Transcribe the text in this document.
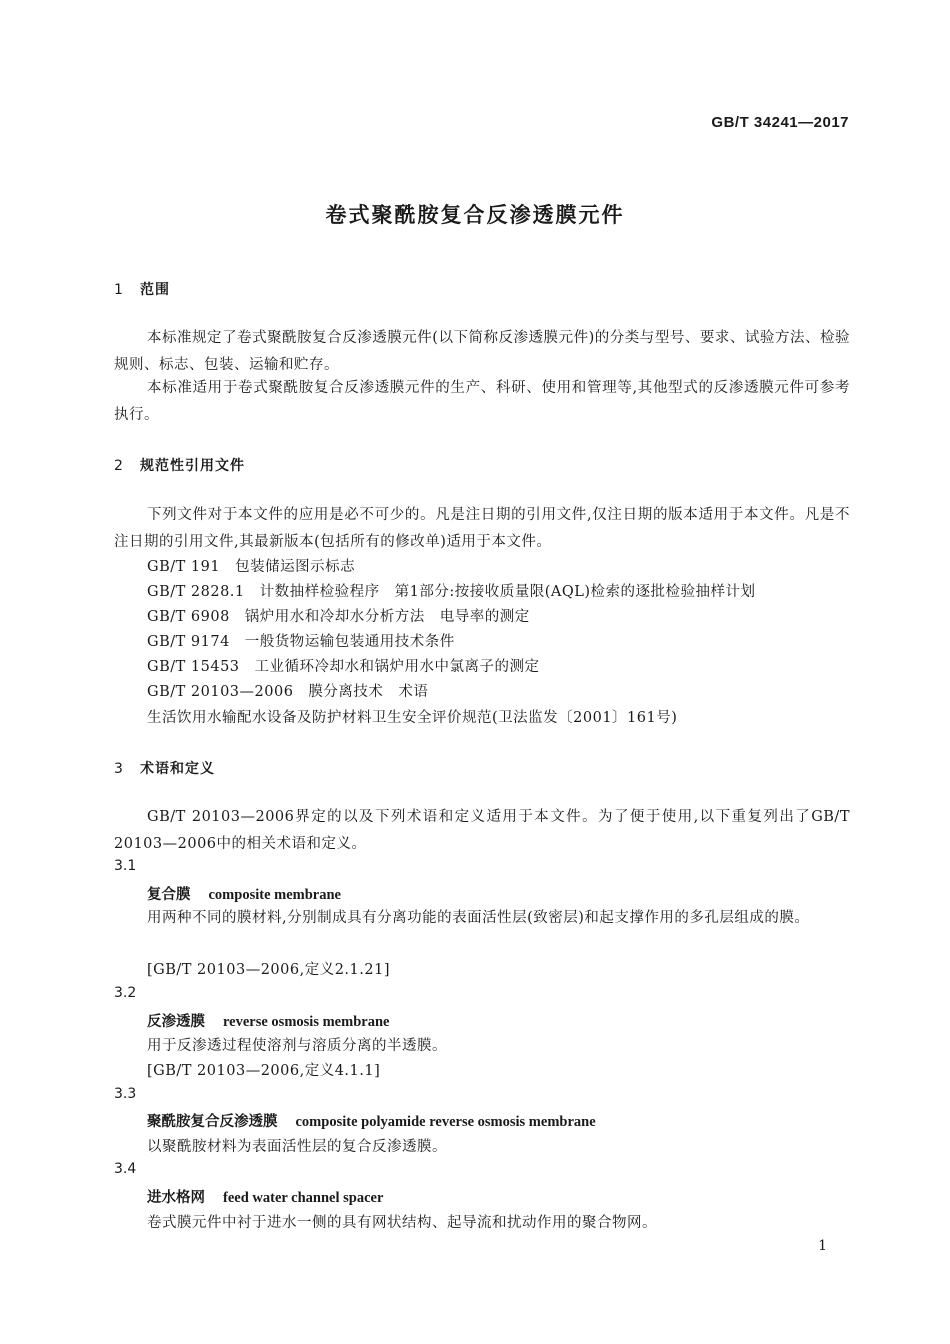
GB/T 34241—2017
卷式聚酰胺复合反渗透膜元件
1 范围
本标准规定了卷式聚酰胺复合反渗透膜元件(以下简称反渗透膜元件)的分类与型号、要求、试验方法、检验规则、标志、包装、运输和贮存。
本标准适用于卷式聚酰胺复合反渗透膜元件的生产、科研、使用和管理等,其他型式的反渗透膜元件可参考执行。
2 规范性引用文件
下列文件对于本文件的应用是必不可少的。凡是注日期的引用文件,仅注日期的版本适用于本文件。凡是不注日期的引用文件,其最新版本(包括所有的修改单)适用于本文件。
GB/T 191　包装储运图示标志
GB/T 2828.1　计数抽样检验程序　第1部分:按接收质量限(AQL)检索的逐批检验抽样计划
GB/T 6908　锅炉用水和冷却水分析方法　电导率的测定
GB/T 9174　一般货物运输包装通用技术条件
GB/T 15453　工业循环冷却水和锅炉用水中氯离子的测定
GB/T 20103—2006　膜分离技术　术语
生活饮用水输配水设备及防护材料卫生安全评价规范(卫法监发〔2001〕161号)
3 术语和定义
GB/T 20103—2006界定的以及下列术语和定义适用于本文件。为了便于使用,以下重复列出了GB/T 20103—2006中的相关术语和定义。
3.1
复合膜 composite membrane
用两种不同的膜材料,分别制成具有分离功能的表面活性层(致密层)和起支撑作用的多孔层组成的膜。
[GB/T 20103—2006,定义2.1.21]
3.2
反渗透膜 reverse osmosis membrane
用于反渗透过程使溶剂与溶质分离的半透膜。
[GB/T 20103—2006,定义4.1.1]
3.3
聚酰胺复合反渗透膜 composite polyamide reverse osmosis membrane
以聚酰胺材料为表面活性层的复合反渗透膜。
3.4
进水格网 feed water channel spacer
卷式膜元件中衬于进水一侧的具有网状结构、起导流和扰动作用的聚合物网。
1
